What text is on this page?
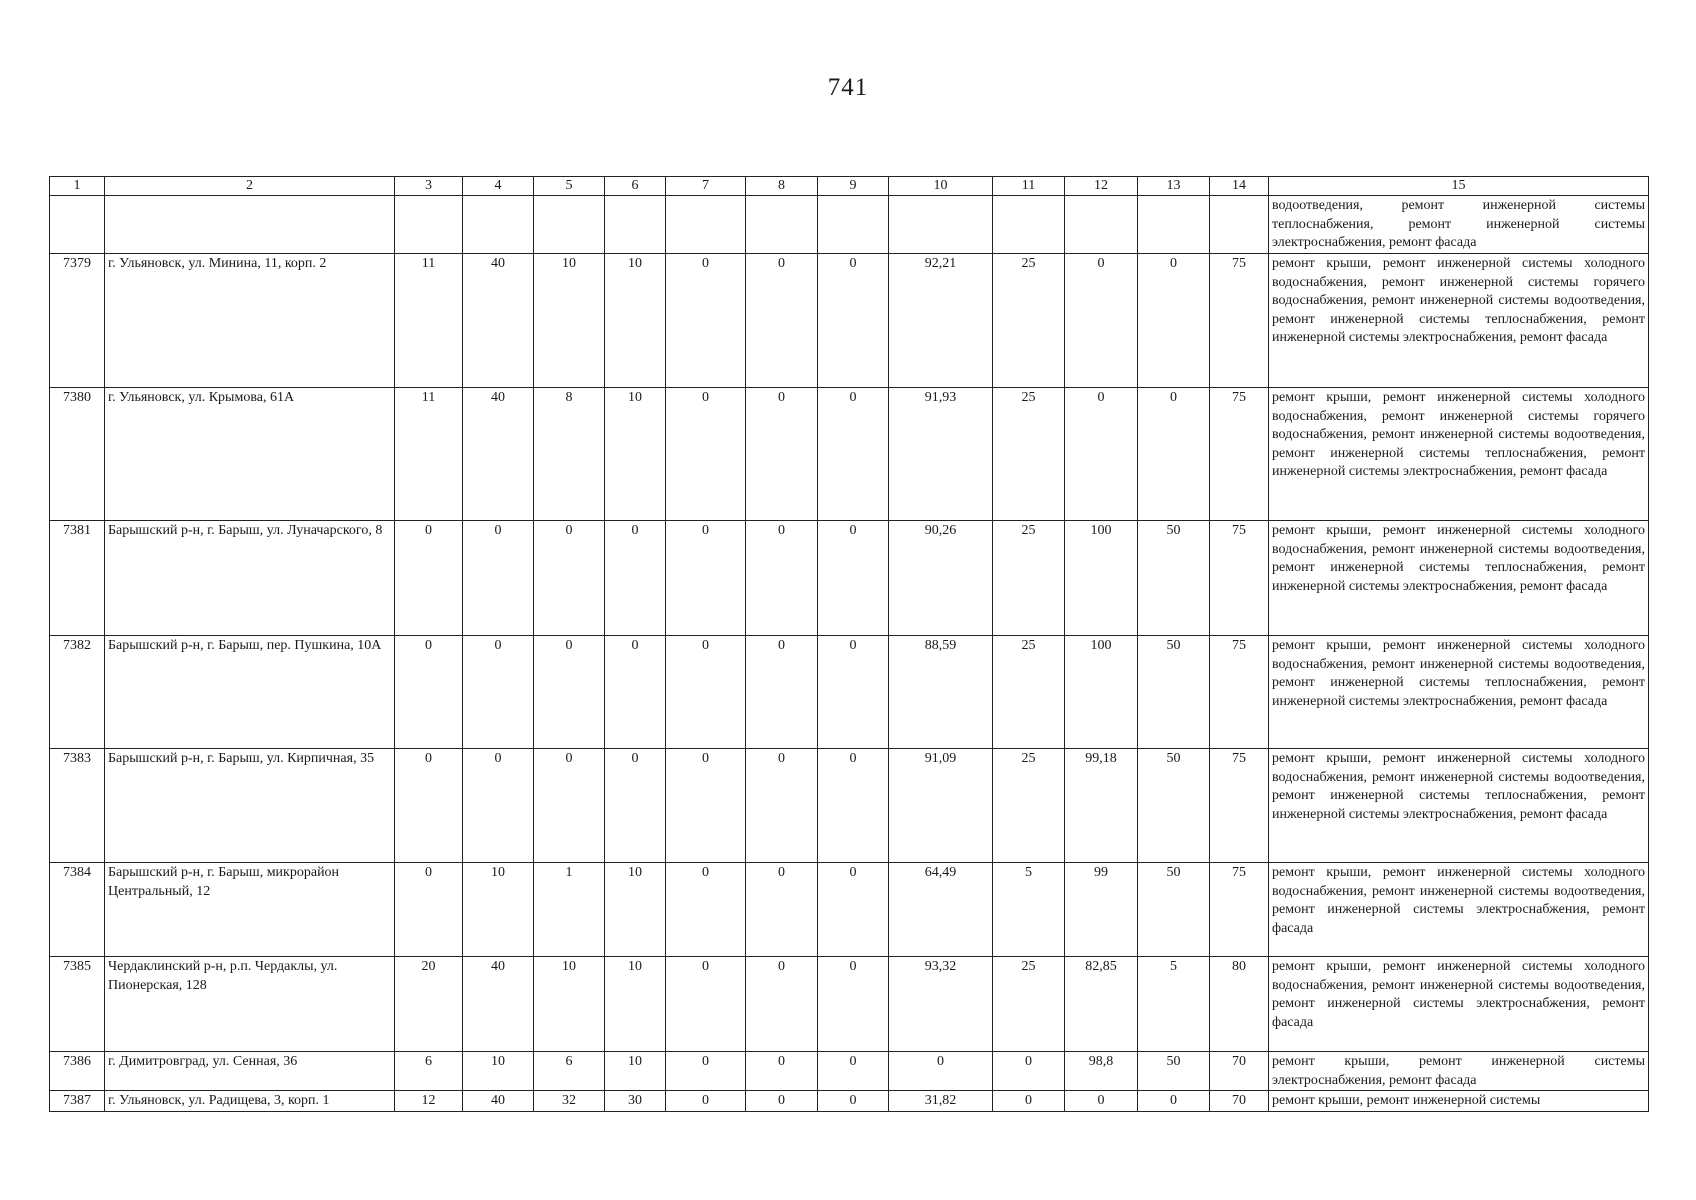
741
1	2	3	4	5	6	7	8	9	10	11	12	13	14	15
														водоотведения, ремонт инженерной системы теплоснабжения, ремонт инженерной системы электроснабжения, ремонт фасада
7379	г. Ульяновск, ул. Минина, 11, корп. 2	11	40	10	10	0	0	0	92,21	25	0	0	75	ремонт крыши, ремонт инженерной системы холодного водоснабжения, ремонт инженерной системы горячего водоснабжения, ремонт инженерной системы водоотведения, ремонт инженерной системы теплоснабжения, ремонт инженерной системы электроснабжения, ремонт фасада
7380	г. Ульяновск, ул. Крымова, 61А	11	40	8	10	0	0	0	91,93	25	0	0	75	ремонт крыши, ремонт инженерной системы холодного водоснабжения, ремонт инженерной системы горячего водоснабжения, ремонт инженерной системы водоотведения, ремонт инженерной системы теплоснабжения, ремонт инженерной системы электроснабжения, ремонт фасада
7381	Барышский р-н, г. Барыш, ул. Луначарского, 8	0	0	0	0	0	0	0	90,26	25	100	50	75	ремонт крыши, ремонт инженерной системы холодного водоснабжения, ремонт инженерной системы водоотведения, ремонт инженерной системы теплоснабжения, ремонт инженерной системы электроснабжения, ремонт фасада
7382	Барышский р-н, г. Барыш, пер. Пушкина, 10А	0	0	0	0	0	0	0	88,59	25	100	50	75	ремонт крыши, ремонт инженерной системы холодного водоснабжения, ремонт инженерной системы водоотведения, ремонт инженерной системы теплоснабжения, ремонт инженерной системы электроснабжения, ремонт фасада
7383	Барышский р-н, г. Барыш, ул. Кирпичная, 35	0	0	0	0	0	0	0	91,09	25	99,18	50	75	ремонт крыши, ремонт инженерной системы холодного водоснабжения, ремонт инженерной системы водоотведения, ремонт инженерной системы теплоснабжения, ремонт инженерной системы электроснабжения, ремонт фасада
7384	Барышский р-н, г. Барыш, микрорайон Центральный, 12	0	10	1	10	0	0	0	64,49	5	99	50	75	ремонт крыши, ремонт инженерной системы холодного водоснабжения, ремонт инженерной системы водоотведения, ремонт инженерной системы электроснабжения, ремонт фасада
7385	Чердаклинский р-н, р.п. Чердаклы, ул. Пионерская, 128	20	40	10	10	0	0	0	93,32	25	82,85	5	80	ремонт крыши, ремонт инженерной системы холодного водоснабжения, ремонт инженерной системы водоотведения, ремонт инженерной системы электроснабжения, ремонт фасада
7386	г. Димитровград, ул. Сенная, 36	6	10	6	10	0	0	0	0	0	98,8	50	70	ремонт крыши, ремонт инженерной системы электроснабжения, ремонт фасада
7387	г. Ульяновск, ул. Радищева, 3, корп. 1	12	40	32	30	0	0	0	31,82	0	0	0	70	ремонт крыши, ремонт инженерной системы
